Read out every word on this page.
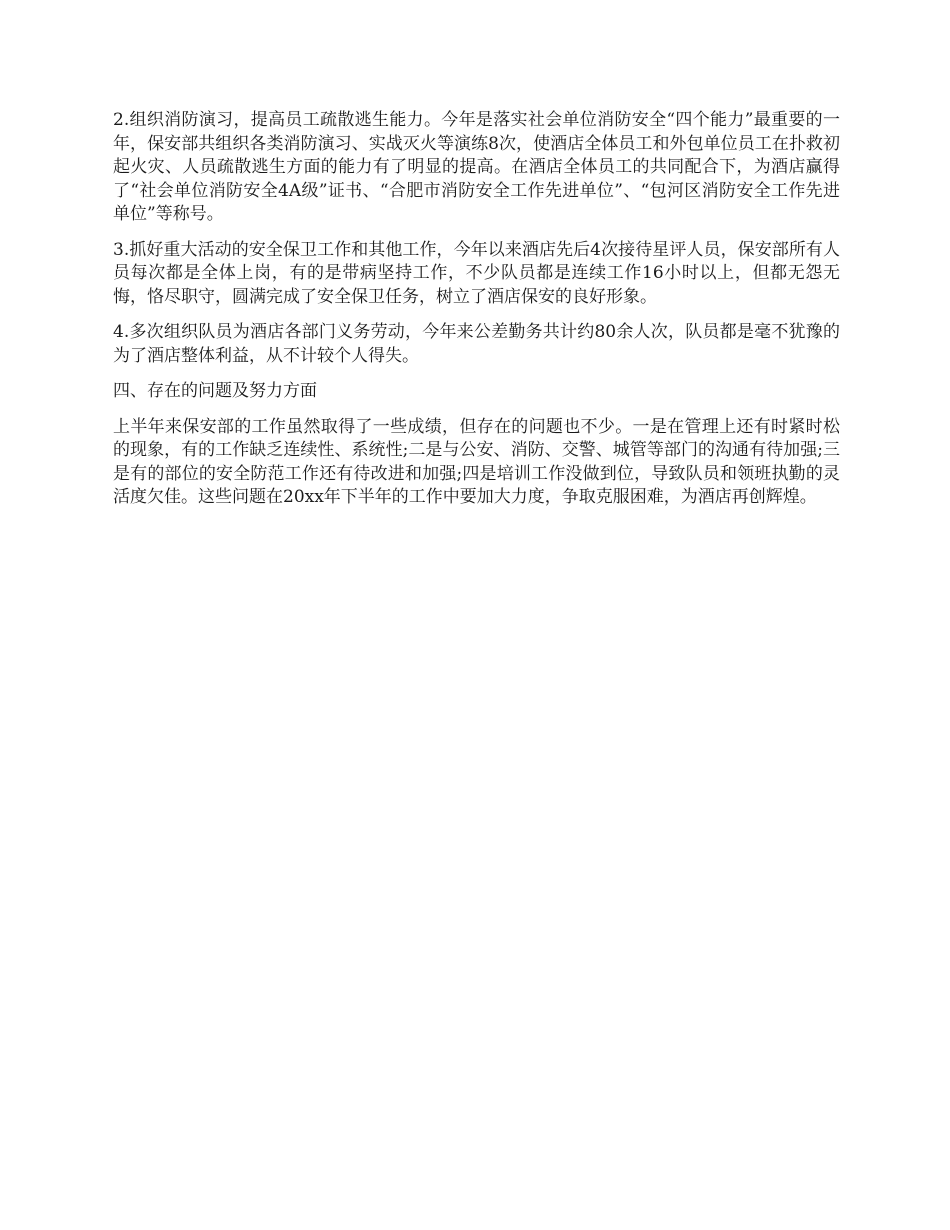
2.组织消防演习，提高员工疏散逃生能力。今年是落实社会单位消防安全“四个能力”最重要的一年，保安部共组织各类消防演习、实战灭火等演练8次，使酒店全体员工和外包单位员工在扑救初起火灾、人员疏散逃生方面的能力有了明显的提高。在酒店全体员工的共同配合下，为酒店赢得了“社会单位消防安全4A级”证书、“合肥市消防安全工作先进单位”、“包河区消防安全工作先进单位”等称号。

3.抓好重大活动的安全保卫工作和其他工作，今年以来酒店先后4次接待星评人员，保安部所有人员每次都是全体上岗，有的是带病坚持工作，不少队员都是连续工作16小时以上，但都无怨无悔，恪尽职守，圆满完成了安全保卫任务，树立了酒店保安的良好形象。

4.多次组织队员为酒店各部门义务劳动，今年来公差勤务共计约80余人次，队员都是毫不犹豫的为了酒店整体利益，从不计较个人得失。

四、存在的问题及努力方面

上半年来保安部的工作虽然取得了一些成绩，但存在的问题也不少。一是在管理上还有时紧时松的现象，有的工作缺乏连续性、系统性;二是与公安、消防、交警、城管等部门的沟通有待加强;三是有的部位的安全防范工作还有待改进和加强;四是培训工作没做到位，导致队员和领班执勤的灵活度欠佳。这些问题在20xx年下半年的工作中要加大力度，争取克服困难，为酒店再创辉煌。
